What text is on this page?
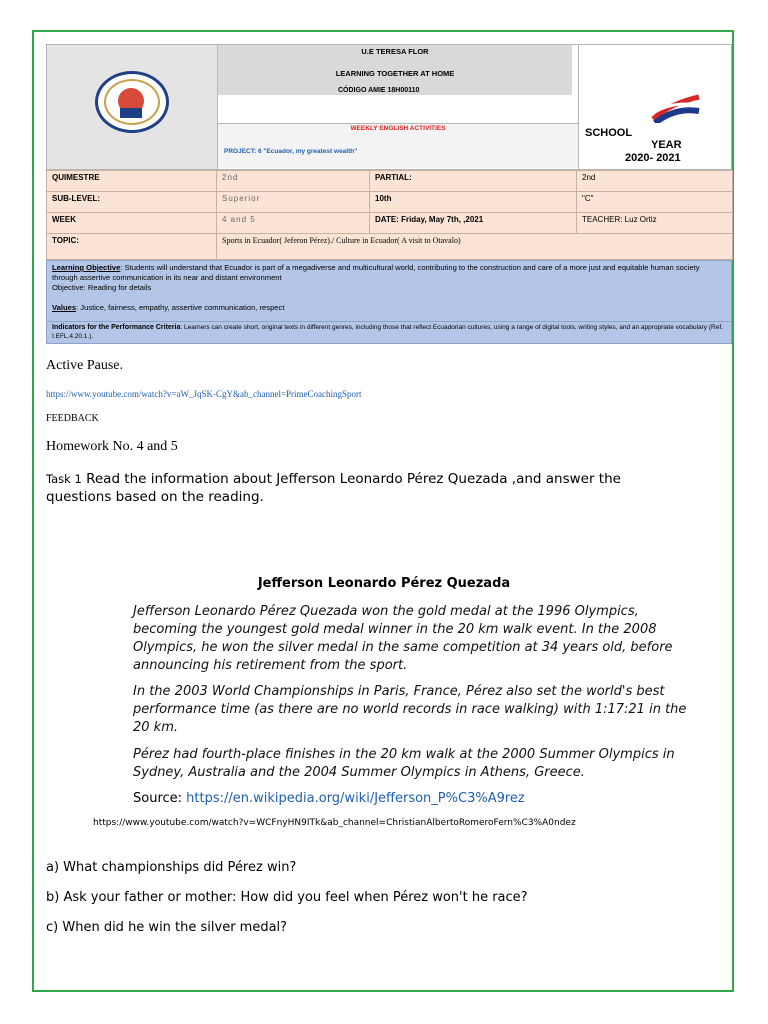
U.E TERESA FLOR
LEARNING TOGETHER AT HOME
CÓDIGO AMIE 18H00110
WEEKLY ENGLISH ACTIVITIES
PROJECT: 6 "Ecuador, my greatest wealth"

SCHOOL
YEAR
2020- 2021
QUIMESTRE	2nd	PARTIAL:	2nd
SUB-LEVEL:	Superior	10th	"C"
WEEK	4 and 5	DATE: Friday, May 7th, ,2021	TEACHER: Luz Ortiz
TOPIC:	Sports in Ecuador( Jeferon Pérez)./ Culture in Ecuador( A visit to Otavalo)		
Learning Objective: Students will understand that Ecuador is part of a megadiverse and multicultural world, contributing to the construction and care of a more just and equitable human society through assertive communication in its near and distant environment
Objective: Reading for details

Values: Justice, fairness, empathy, assertive communication, respect
Indicators for the Performance Criteria: Learners can create short, original texts in different genres, including those that reflect Ecuadorian cultures, using a range of digital tools, writing styles, and an appropriate vocabulary (Ref. I.EFL.4.20.1.).
Active Pause.
https://www.youtube.com/watch?v=aW_JqSK-CgY&ab_channel=PrimeCoachingSport
FEEDBACK
Homework No. 4 and 5
Task 1 Read the information about Jefferson Leonardo Pérez Quezada ,and answer the questions based on the reading.
Jefferson Leonardo Pérez Quezada
Jefferson Leonardo Pérez Quezada won the gold medal at the 1996 Olympics, becoming the youngest gold medal winner in the 20 km walk event. In the 2008 Olympics, he won the silver medal in the same competition at 34 years old, before announcing his retirement from the sport.
In the 2003 World Championships in Paris, France, Pérez also set the world's best performance time (as there are no world records in race walking) with 1:17:21 in the 20 km.
Pérez had fourth-place finishes in the 20 km walk at the 2000 Summer Olympics in Sydney, Australia and the 2004 Summer Olympics in Athens, Greece.
Source: https://en.wikipedia.org/wiki/Jefferson_P%C3%A9rez
https://www.youtube.com/watch?v=WCFnyHN9ITk&ab_channel=ChristianAlbertoRomeroFern%C3%A0ndez
a) What championships did Pérez win?
b) Ask your father or mother: How did you feel when Pérez won't he race?
c) When did he win the silver medal?
